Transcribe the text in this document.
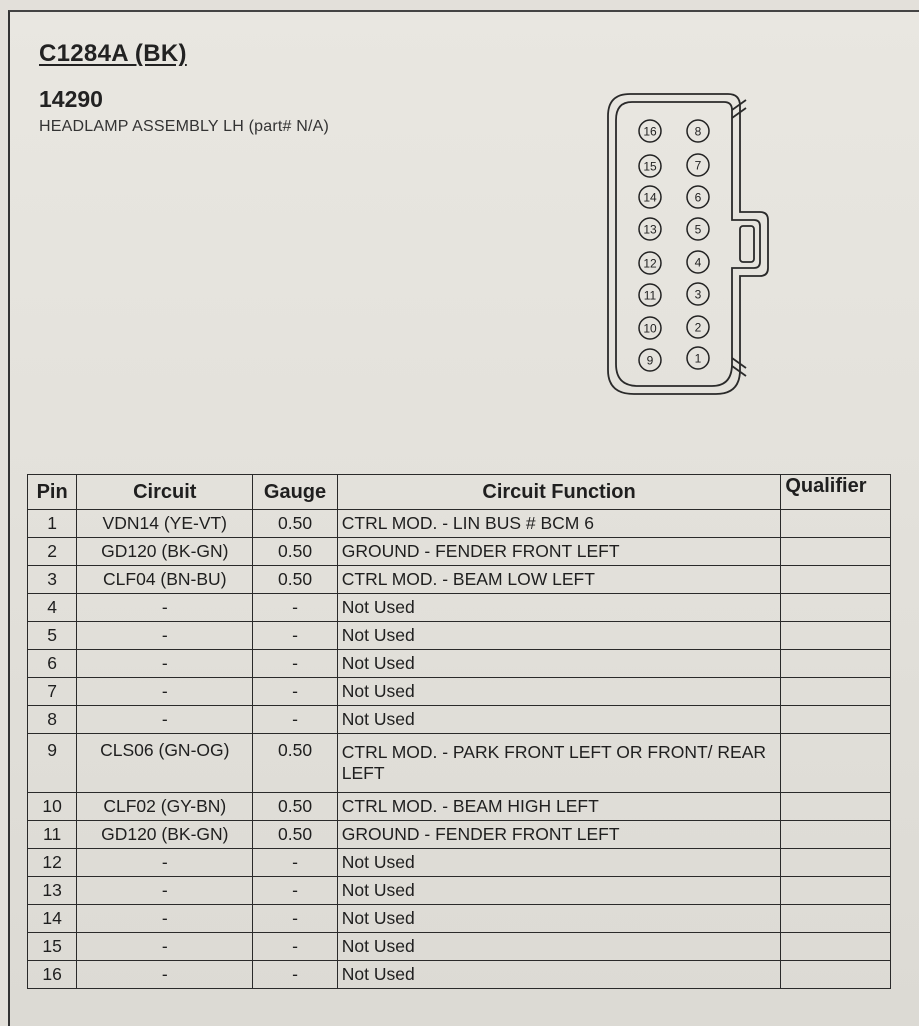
C1284A (BK)
14290
HEADLAMP ASSEMBLY LH (part# N/A)	16
15
14
13
12
11
10
9
8
7
6
5
4
3
2
1
Pin	Circuit	Gauge	Circuit Function	Qualifier
1	VDN14 (YE-VT)	0.50	CTRL MOD. - LIN BUS # BCM 6	
2	GD120 (BK-GN)	0.50	GROUND - FENDER FRONT LEFT	
3	CLF04 (BN-BU)	0.50	CTRL MOD. - BEAM LOW LEFT	
4	-	-	Not Used	
5	-	-	Not Used	
6	-	-	Not Used	
7	-	-	Not Used	
8	-	-	Not Used	
9	CLS06 (GN-OG)	0.50	CTRL MOD. - PARK FRONT LEFT OR FRONT/ REAR LEFT	
10	CLF02 (GY-BN)	0.50	CTRL MOD. - BEAM HIGH LEFT	
11	GD120 (BK-GN)	0.50	GROUND - FENDER FRONT LEFT	
12	-	-	Not Used	
13	-	-	Not Used	
14	-	-	Not Used	
15	-	-	Not Used	
16	-	-	Not Used	
